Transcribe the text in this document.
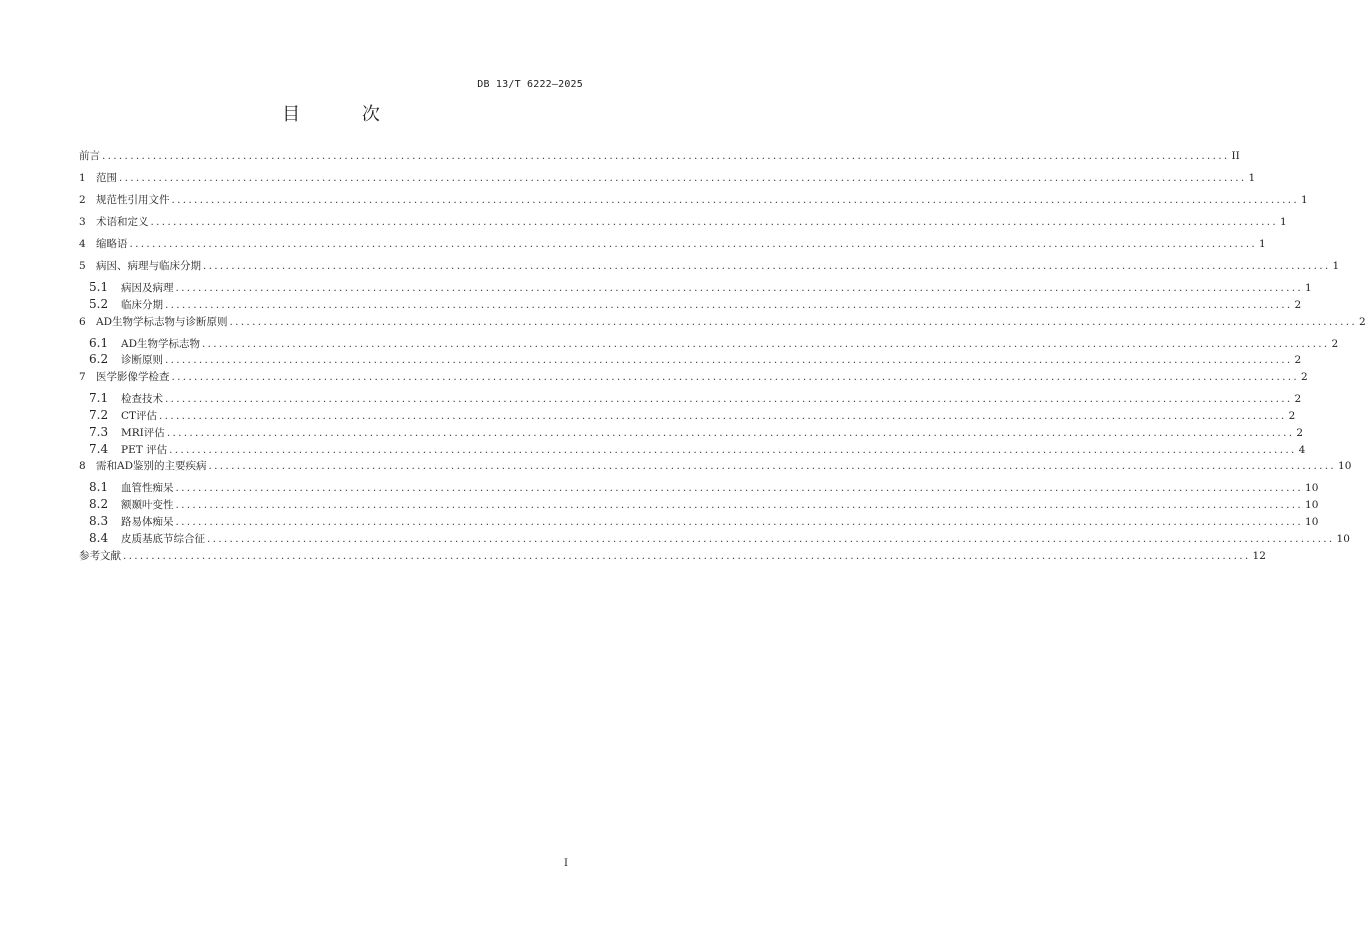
DB 13/T 6222—2025
目 次
前言 ........................................................................................................................................................................................................ II
1 范围 ........................................................................................................................................................................................................ 1
2 规范性引用文件 ........................................................................................................................................................................................................ 1
3 术语和定义 ........................................................................................................................................................................................................ 1
4 缩略语 ........................................................................................................................................................................................................ 1
5 病因、病理与临床分期 ........................................................................................................................................................................................................ 1
5.1	病因及病理 ........................................................................................................................................................................................................ 1
5.2	临床分期 ........................................................................................................................................................................................................ 2
6 AD生物学标志物与诊断原则 ........................................................................................................................................................................................................ 2
6.1	AD生物学标志物 ........................................................................................................................................................................................................ 2
6.2	诊断原则 ........................................................................................................................................................................................................ 2
7 医学影像学检查 ........................................................................................................................................................................................................ 2
7.1	检查技术 ........................................................................................................................................................................................................ 2
7.2	CT评估 ........................................................................................................................................................................................................ 2
7.3	MRI评估 ........................................................................................................................................................................................................ 2
7.4	PET 评估 ........................................................................................................................................................................................................ 4
8 需和AD鉴别的主要疾病 ........................................................................................................................................................................................................ 10
8.1	血管性痴呆 ........................................................................................................................................................................................................ 10
8.2	额颞叶变性 ........................................................................................................................................................................................................ 10
8.3	路易体痴呆 ........................................................................................................................................................................................................ 10
8.4	皮质基底节综合征 ........................................................................................................................................................................................................ 10
参考文献 ........................................................................................................................................................................................................ 12
I
